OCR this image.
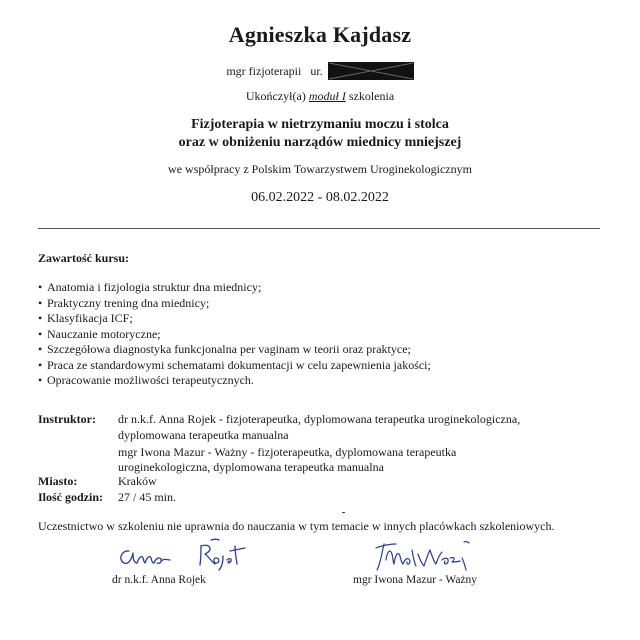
Agnieszka Kajdasz
mgr fizjoterapii ur.
Ukończył(a) moduł I szkolenia
Fizjoterapia w nietrzymaniu moczu i stolca
oraz w obniżeniu narządów miednicy mniejszej
we współpracy z Polskim Towarzystwem Uroginekologicznym
06.02.2022 - 08.02.2022
Zawartość kursu:
• Anatomia i fizjologia struktur dna miednicy;
• Praktyczny trening dna miednicy;
• Klasyfikacja ICF;
• Nauczanie motoryczne;
• Szczegółowa diagnostyka funkcjonalna per vaginam w teorii oraz praktyce;
• Praca ze standardowymi schematami dokumentacji w celu zapewnienia jakości;
• Opracowanie możliwości terapeutycznych.
Instruktor: dr n.k.f. Anna Rojek - fizjoterapeutka, dyplomowana terapeutka uroginekologiczna,
dyplomowana terapeutka manualna
mgr Iwona Mazur - Ważny - fizjoterapeutka, dyplomowana terapeutka
uroginekologiczna, dyplomowana terapeutka manualna
Miasto:	Kraków
Ilość godzin: 27 / 45 min.
Uczestnictwo w szkoleniu nie uprawnia do nauczania w tym temacie w innych placówkach szkoleniowych.
dr n.k.f. Anna Rojek	mgr Iwona Mazur - Ważny
